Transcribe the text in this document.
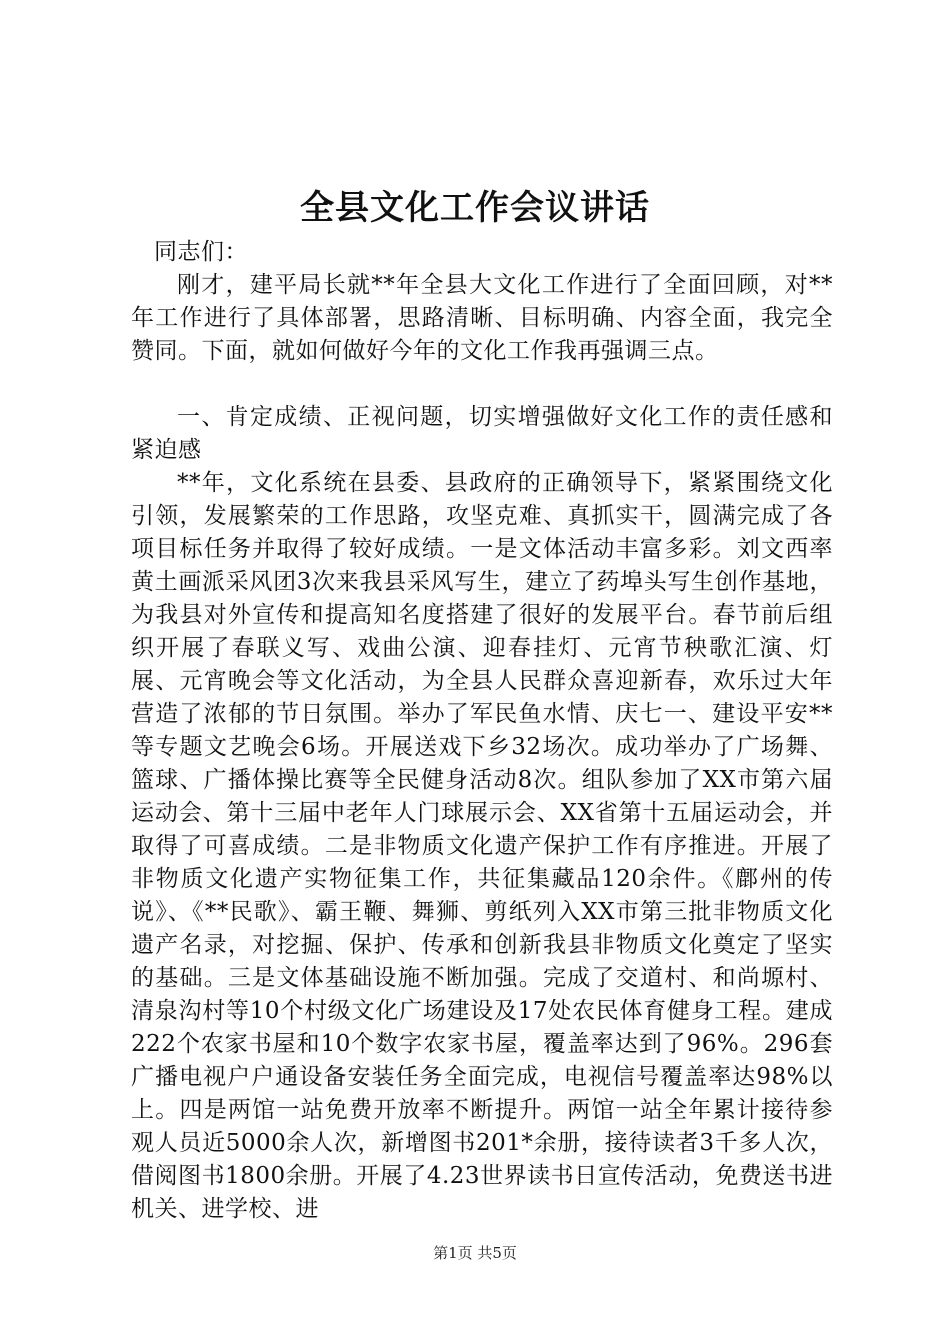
全县文化工作会议讲话

同志们：

刚才，建平局长就**年全县大文化工作进行了全面回顾，对**年工作进行了具体部署，思路清晰、目标明确、内容全面，我完全赞同。下面，就如何做好今年的文化工作我再强调三点。

一、肯定成绩、正视问题，切实增强做好文化工作的责任感和紧迫感

**年，文化系统在县委、县政府的正确领导下，紧紧围绕文化引领，发展繁荣的工作思路，攻坚克难、真抓实干，圆满完成了各项目标任务并取得了较好成绩。一是文体活动丰富多彩。刘文西率黄土画派采风团3次来我县采风写生，建立了药埠头写生创作基地，为我县对外宣传和提高知名度搭建了很好的发展平台。春节前后组织开展了春联义写、戏曲公演、迎春挂灯、元宵节秧歌汇演、灯展、元宵晚会等文化活动，为全县人民群众喜迎新春，欢乐过大年营造了浓郁的节日氛围。举办了军民鱼水情、庆七一、建设平安**等专题文艺晚会6场。开展送戏下乡32场次。成功举办了广场舞、篮球、广播体操比赛等全民健身活动8次。组队参加了XX市第六届运动会、第十三届中老年人门球展示会、XX省第十五届运动会，并取得了可喜成绩。二是非物质文化遗产保护工作有序推进。开展了非物质文化遗产实物征集工作，共征集藏品120余件。《鄜州的传说》、《**民歌》、霸王鞭、舞狮、剪纸列入XX市第三批非物质文化遗产名录，对挖掘、保护、传承和创新我县非物质文化奠定了坚实的基础。三是文体基础设施不断加强。完成了交道村、和尚塬村、清泉沟村等10个村级文化广场建设及17处农民体育健身工程。建成222个农家书屋和10个数字农家书屋，覆盖率达到了96%。296套广播电视户户通设备安装任务全面完成，电视信号覆盖率达98%以上。四是两馆一站免费开放率不断提升。两馆一站全年累计接待参观人员近5000余人次，新增图书201*余册，接待读者3千多人次，借阅图书1800余册。开展了4.23世界读书日宣传活动，免费送书进机关、进学校、进

第1页 共5页
